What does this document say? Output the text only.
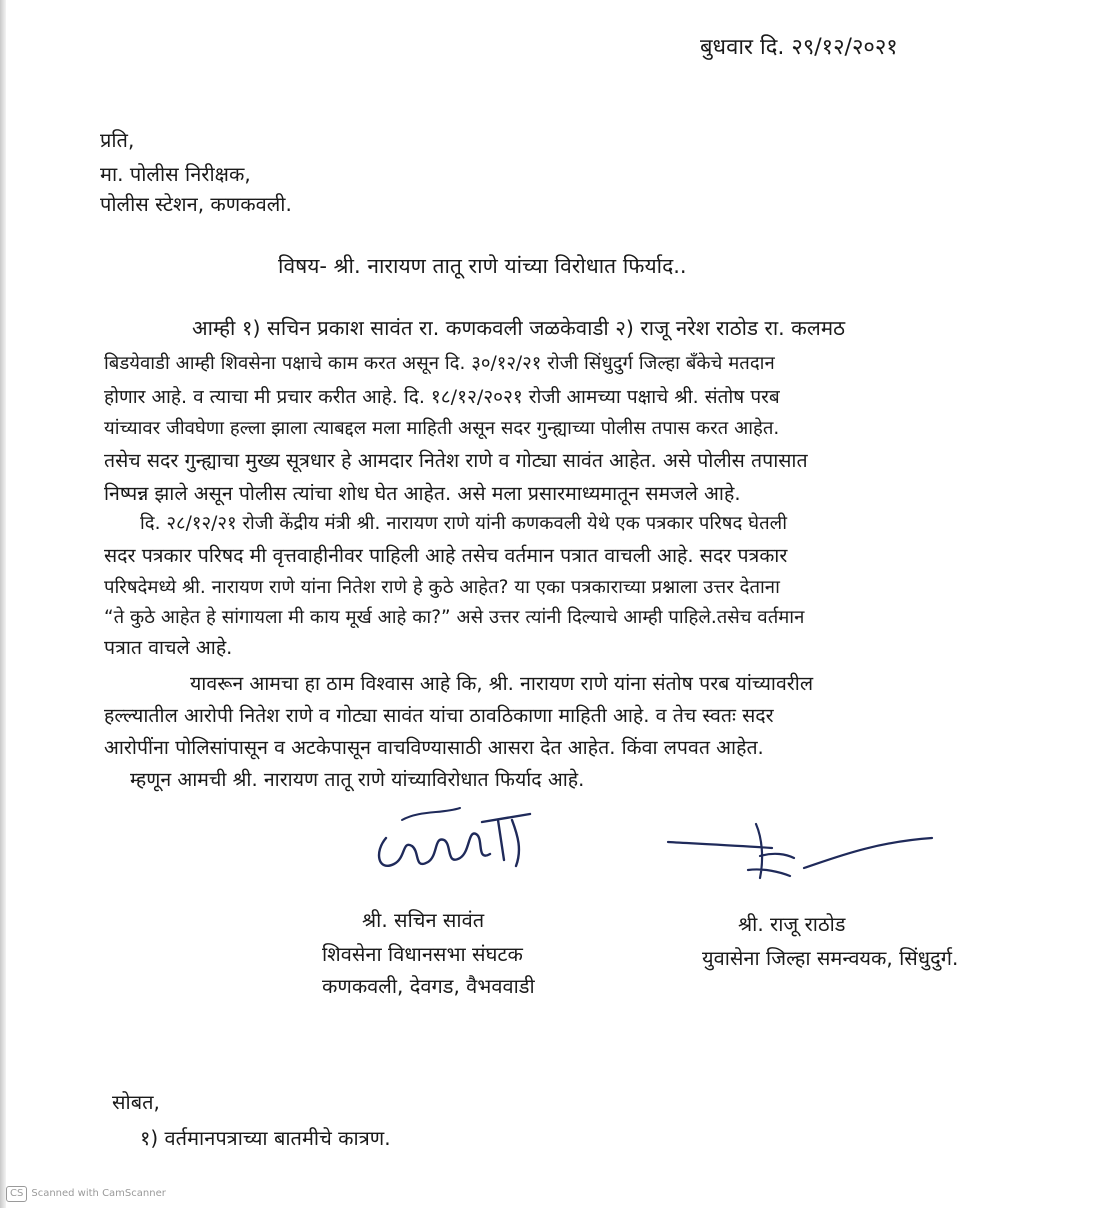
बुधवार दि. २९/१२/२०२१
प्रति,
मा. पोलीस निरीक्षक,
पोलीस स्टेशन, कणकवली.
विषय- श्री. नारायण तातू राणे यांच्या विरोधात फिर्याद..
आम्ही १) सचिन प्रकाश सावंत रा. कणकवली जळकेवाडी २) राजू नरेश राठोड रा. कलमठ
बिडयेवाडी आम्ही शिवसेना पक्षाचे काम करत असून दि. ३०/१२/२१ रोजी सिंधुदुर्ग जिल्हा बँकेचे मतदान
होणार आहे. व त्याचा मी प्रचार करीत आहे. दि. १८/१२/२०२१ रोजी आमच्या पक्षाचे श्री. संतोष परब
यांच्यावर जीवघेणा हल्ला झाला त्याबद्दल मला माहिती असून सदर गुन्ह्याच्या पोलीस तपास करत आहेत.
तसेच सदर गुन्ह्याचा मुख्य सूत्रधार हे आमदार नितेश राणे व गोट्या सावंत आहेत. असे पोलीस तपासात
निष्पन्न झाले असून पोलीस त्यांचा शोध घेत आहेत. असे मला प्रसारमाध्यमातून समजले आहे.
दि. २८/१२/२१ रोजी केंद्रीय मंत्री श्री. नारायण राणे यांनी कणकवली येथे एक पत्रकार परिषद घेतली
सदर पत्रकार परिषद मी वृत्तवाहीनीवर पाहिली आहे तसेच वर्तमान पत्रात वाचली आहे. सदर पत्रकार
परिषदेमध्ये श्री. नारायण राणे यांना नितेश राणे हे कुठे आहेत? या एका पत्रकाराच्या प्रश्नाला उत्तर देताना
“ते कुठे आहेत हे सांगायला मी काय मूर्ख आहे का?” असे उत्तर त्यांनी दिल्याचे आम्ही पाहिले.तसेच वर्तमान
पत्रात वाचले आहे.
यावरून आमचा हा ठाम विश्वास आहे कि, श्री. नारायण राणे यांना संतोष परब यांच्यावरील
हल्ल्यातील आरोपी नितेश राणे व गोट्या सावंत यांचा ठावठिकाणा माहिती आहे. व तेच स्वतः सदर
आरोपींना पोलिसांपासून व अटकेपासून वाचविण्यासाठी आसरा देत आहेत. किंवा लपवत आहेत.
म्हणून आमची श्री. नारायण तातू राणे यांच्याविरोधात फिर्याद आहे.
श्री. सचिन सावंत
शिवसेना विधानसभा संघटक
कणकवली, देवगड, वैभववाडी
श्री. राजू राठोड
युवासेना जिल्हा समन्वयक, सिंधुदुर्ग.
सोबत,
१) वर्तमानपत्राच्या बातमीचे कात्रण.
CS Scanned with CamScanner
